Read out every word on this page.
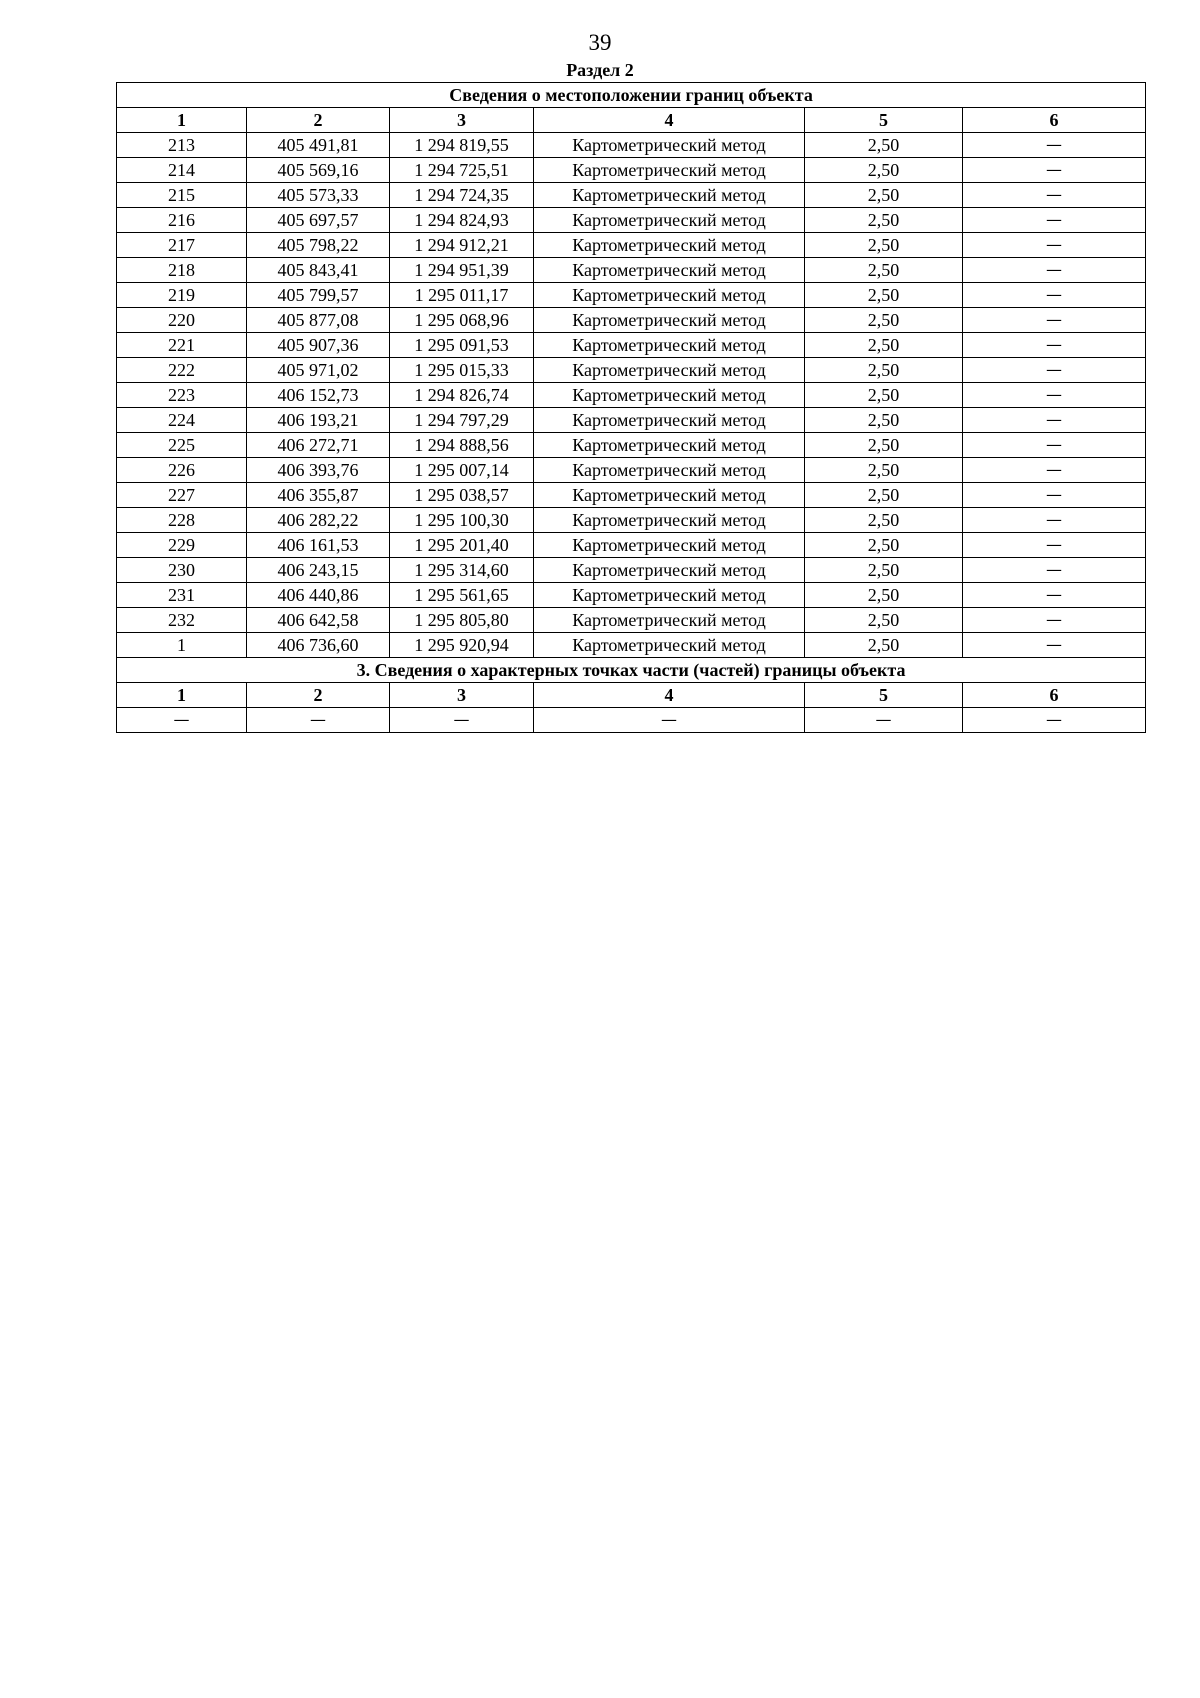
39
Раздел 2
Сведения о местоположении границ объекта					
1	2	3	4	5	6
213	405 491,81	1 294 819,55	Картометрический метод	2,50	—
214	405 569,16	1 294 725,51	Картометрический метод	2,50	—
215	405 573,33	1 294 724,35	Картометрический метод	2,50	—
216	405 697,57	1 294 824,93	Картометрический метод	2,50	—
217	405 798,22	1 294 912,21	Картометрический метод	2,50	—
218	405 843,41	1 294 951,39	Картометрический метод	2,50	—
219	405 799,57	1 295 011,17	Картометрический метод	2,50	—
220	405 877,08	1 295 068,96	Картометрический метод	2,50	—
221	405 907,36	1 295 091,53	Картометрический метод	2,50	—
222	405 971,02	1 295 015,33	Картометрический метод	2,50	—
223	406 152,73	1 294 826,74	Картометрический метод	2,50	—
224	406 193,21	1 294 797,29	Картометрический метод	2,50	—
225	406 272,71	1 294 888,56	Картометрический метод	2,50	—
226	406 393,76	1 295 007,14	Картометрический метод	2,50	—
227	406 355,87	1 295 038,57	Картометрический метод	2,50	—
228	406 282,22	1 295 100,30	Картометрический метод	2,50	—
229	406 161,53	1 295 201,40	Картометрический метод	2,50	—
230	406 243,15	1 295 314,60	Картометрический метод	2,50	—
231	406 440,86	1 295 561,65	Картометрический метод	2,50	—
232	406 642,58	1 295 805,80	Картометрический метод	2,50	—
1	406 736,60	1 295 920,94	Картометрический метод	2,50	—
3. Сведения о характерных точках части (частей) границы объекта					
1	2	3	4	5	6
—	—	—	—	—	—
